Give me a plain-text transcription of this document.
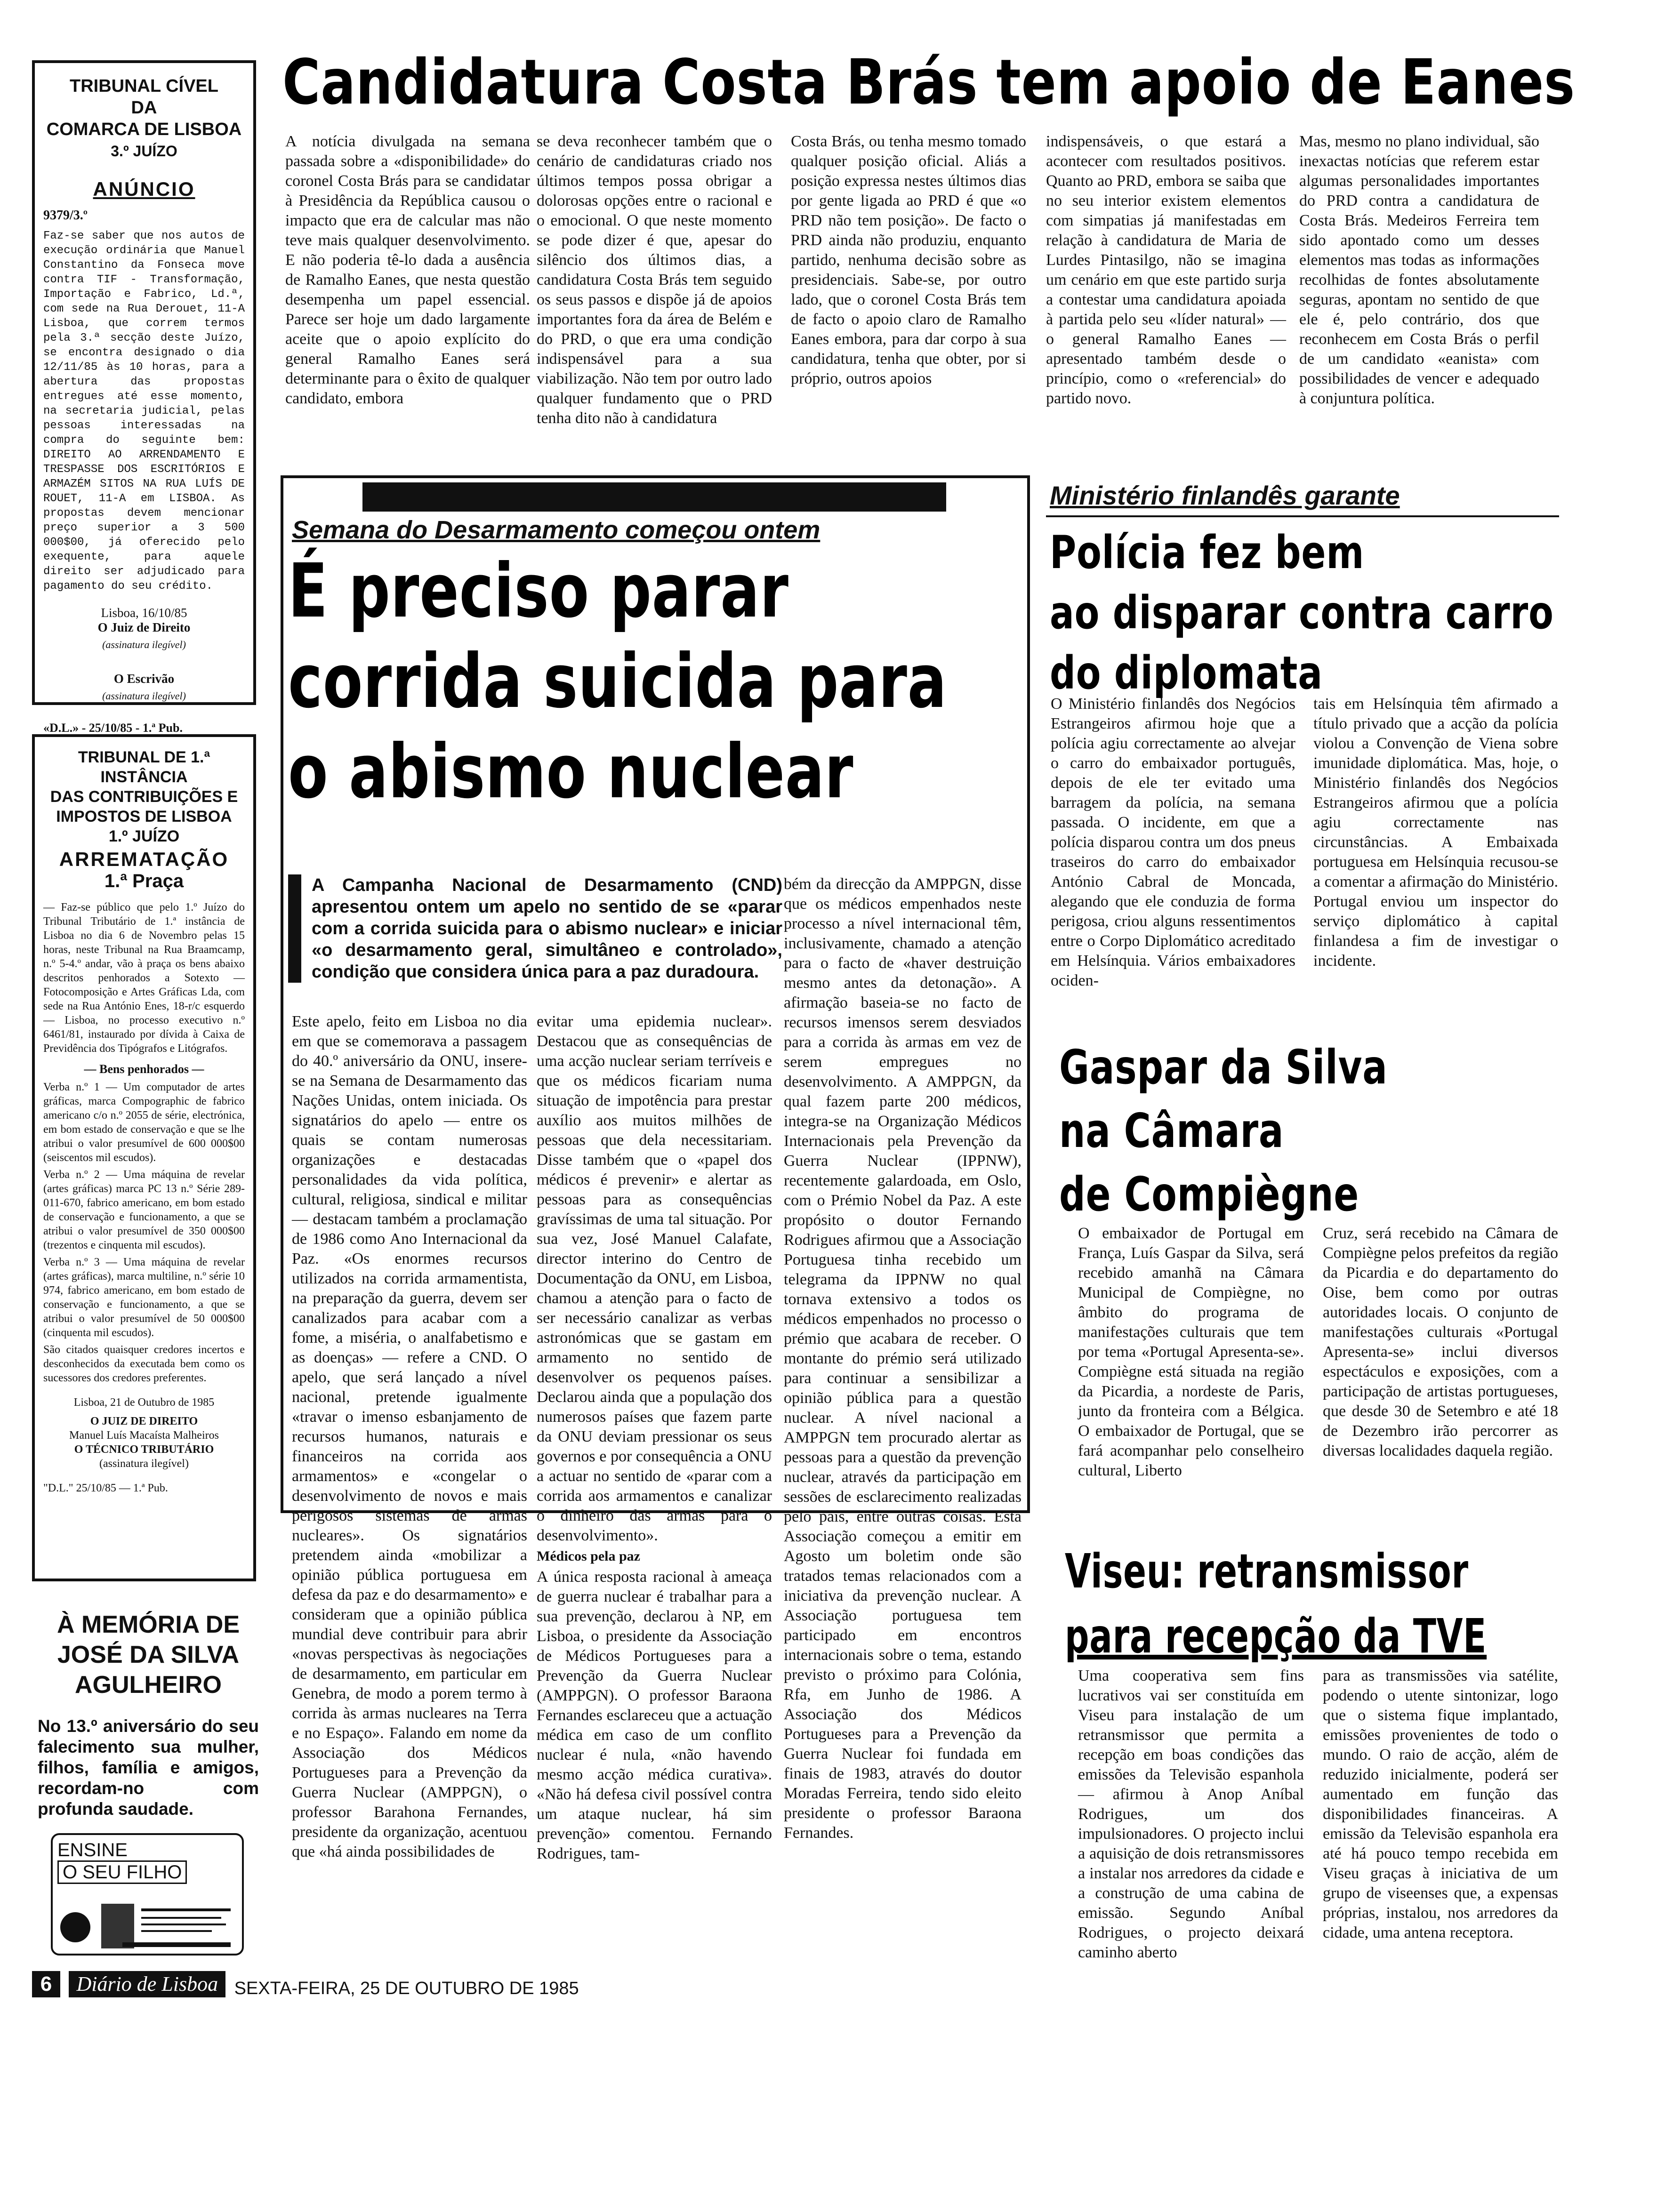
TRIBUNAL CÍVEL
DA
COMARCA DE LISBOA
3.º JUÍZO
ANÚNCIO
9379/3.º
Faz-se saber que nos autos de execução ordinária que Manuel Constantino da Fonseca move contra TIF - Transformação, Importação e Fabrico, Ld.ª, com sede na Rua Derouet, 11-A Lisboa, que correm termos pela 3.ª secção deste Juízo, se encontra designado o dia 12/11/85 às 10 horas, para a abertura das propostas entregues até esse momento, na secretaria judicial, pelas pessoas interessadas na compra do seguinte bem: DIREITO AO ARRENDAMENTO E TRESPASSE DOS ESCRITÓRIOS E ARMAZÉM SITOS NA RUA LUÍS DE ROUET, 11-A em LISBOA. As propostas devem mencionar preço superior a 3 500 000$00, já oferecido pelo exequente, para aquele direito ser adjudicado para pagamento do seu crédito.
Lisboa, 16/10/85
O Juiz de Direito
(assinatura ilegível)
O Escrivão
(assinatura ilegível)
«D.L.» - 25/10/85 - 1.ª Pub.
TRIBUNAL DE 1.ª INSTÂNCIA
DAS CONTRIBUIÇÕES E
IMPOSTOS DE LISBOA
1.º JUÍZO
ARREMATAÇÃO
1.ª Praça
— Faz-se público que pelo 1.º Juízo do Tribunal Tributário de 1.ª instância de Lisboa no dia 6 de Novembro pelas 15 horas, neste Tribunal na Rua Braamcamp, n.º 5-4.º andar, vão à praça os bens abaixo descritos penhorados a Sotexto — Fotocomposição e Artes Gráficas Lda, com sede na Rua António Enes, 18-r/c esquerdo — Lisboa, no processo executivo n.º 6461/81, instaurado por dívida à Caixa de Previdência dos Tipógrafos e Litógrafos.
— Bens penhorados —
Verba n.º 1 — Um computador de artes gráficas, marca Compographic de fabrico americano c/o n.º 2055 de série, electrónica, em bom estado de conservação e que se lhe atribui o valor presumível de 600 000$00 (seiscentos mil escudos).
Verba n.º 2 — Uma máquina de revelar (artes gráficas) marca PC 13 n.º Série 289-011-670, fabrico americano, em bom estado de conservação e funcionamento, a que se atribui o valor presumível de 350 000$00 (trezentos e cinquenta mil escudos).
Verba n.º 3 — Uma máquina de revelar (artes gráficas), marca multiline, n.º série 10 974, fabrico americano, em bom estado de conservação e funcionamento, a que se atribui o valor presumível de 50 000$00 (cinquenta mil escudos).
São citados quaisquer credores incertos e desconhecidos da executada bem como os sucessores dos credores preferentes.
Lisboa, 21 de Outubro de 1985
O JUIZ DE DIREITO
Manuel Luís Macaísta Malheiros
O TÉCNICO TRIBUTÁRIO
(assinatura ilegível)
"D.L." 25/10/85 — 1.ª Pub.
À MEMÓRIA DE
JOSÉ DA SILVA
AGULHEIRO
No 13.º aniversário do seu falecimento sua mulher, filhos, família e amigos, recordam-no com profunda saudade.
ENSINE
O SEU FILHO
Candidatura Costa Brás tem apoio de Eanes
A notícia divulgada na semana passada sobre a «disponibilidade» do coronel Costa Brás para se candidatar à Presidência da República causou o impacto que era de calcular mas não teve mais qualquer desenvolvimento. E não poderia tê-lo dada a ausência de Ramalho Eanes, que nesta questão desempenha um papel essencial. Parece ser hoje um dado largamente aceite que o apoio explícito do general Ramalho Eanes será determinante para o êxito de qualquer candidato, embora
se deva reconhecer também que o cenário de candidaturas criado nos últimos tempos possa obrigar a dolorosas opções entre o racional e o emocional. O que neste momento se pode dizer é que, apesar do silêncio dos últimos dias, a candidatura Costa Brás tem seguido os seus passos e dispõe já de apoios importantes fora da área de Belém e do PRD, o que era uma condição indispensável para a sua viabilização. Não tem por outro lado qualquer fundamento que o PRD tenha dito não à candidatura
Costa Brás, ou tenha mesmo tomado qualquer posição oficial. Aliás a posição expressa nestes últimos dias por gente ligada ao PRD é que «o PRD não tem posição». De facto o PRD ainda não produziu, enquanto partido, nenhuma decisão sobre as presidenciais. Sabe-se, por outro lado, que o coronel Costa Brás tem de facto o apoio claro de Ramalho Eanes embora, para dar corpo à sua candidatura, tenha que obter, por si próprio, outros apoios
indispensáveis, o que estará a acontecer com resultados positivos. Quanto ao PRD, embora se saiba que no seu interior existem elementos com simpatias já manifestadas em relação à candidatura de Maria de Lurdes Pintasilgo, não se imagina um cenário em que este partido surja a contestar uma candidatura apoiada à partida pelo seu «líder natural» — o general Ramalho Eanes — apresentado também desde o princípio, como o «referencial» do partido novo.
Mas, mesmo no plano individual, são inexactas notícias que referem estar algumas personalidades importantes do PRD contra a candidatura de Costa Brás. Medeiros Ferreira tem sido apontado como um desses elementos mas todas as informações recolhidas de fontes absolutamente seguras, apontam no sentido de que ele é, pelo contrário, dos que reconhecem em Costa Brás o perfil de um candidato «eanista» com possibilidades de vencer e adequado à conjuntura política.
Semana do Desarmamento começou ontem
É preciso parar
corrida suicida para
o abismo nuclear
A Campanha Nacional de Desarmamento (CND) apresentou ontem um apelo no sentido de se «parar com a corrida suicida para o abismo nuclear» e iniciar «o desarmamento geral, simultâneo e controlado», condição que considera única para a paz duradoura.
Este apelo, feito em Lisboa no dia em que se comemorava a passagem do 40.º aniversário da ONU, insere-se na Semana de Desarmamento das Nações Unidas, ontem iniciada. Os signatários do apelo — entre os quais se contam numerosas organizações e destacadas personalidades da vida política, cultural, religiosa, sindical e militar — destacam também a proclamação de 1986 como Ano Internacional da Paz. «Os enormes recursos utilizados na corrida armamentista, na preparação da guerra, devem ser canalizados para acabar com a fome, a miséria, o analfabetismo e as doenças» — refere a CND. O apelo, que será lançado a nível nacional, pretende igualmente «travar o imenso esbanjamento de recursos humanos, naturais e financeiros na corrida aos armamentos» e «congelar o desenvolvimento de novos e mais perigosos sistemas de armas nucleares». Os signatários pretendem ainda «mobilizar a opinião pública portuguesa em defesa da paz e do desarmamento» e consideram que a opinião pública mundial deve contribuir para abrir «novas perspectivas às negociações de desarmamento, em particular em Genebra, de modo a porem termo à corrida às armas nucleares na Terra e no Espaço». Falando em nome da Associação dos Médicos Portugueses para a Prevenção da Guerra Nuclear (AMPPGN), o professor Barahona Fernandes, presidente da organização, acentuou que «há ainda possibilidades de
evitar uma epidemia nuclear». Destacou que as consequências de uma acção nuclear seriam terríveis e que os médicos ficariam numa situação de impotência para prestar auxílio aos muitos milhões de pessoas que dela necessitariam. Disse também que o «papel dos médicos é prevenir» e alertar as pessoas para as consequências gravíssimas de uma tal situação. Por sua vez, José Manuel Calafate, director interino do Centro de Documentação da ONU, em Lisboa, chamou a atenção para o facto de ser necessário canalizar as verbas astronómicas que se gastam em armamento no sentido de desenvolver os pequenos países. Declarou ainda que a população dos numerosos países que fazem parte da ONU deviam pressionar os seus governos e por consequência a ONU a actuar no sentido de «parar com a corrida aos armamentos e canalizar o dinheiro das armas para o desenvolvimento».
Médicos pela paz
A única resposta racional à ameaça de guerra nuclear é trabalhar para a sua prevenção, declarou à NP, em Lisboa, o presidente da Associação de Médicos Portugueses para a Prevenção da Guerra Nuclear (AMPPGN). O professor Baraona Fernandes esclareceu que a actuação médica em caso de um conflito nuclear é nula, «não havendo mesmo acção médica curativa». «Não há defesa civil possível contra um ataque nuclear, há sim prevenção» comentou. Fernando Rodrigues, tam-
bém da direcção da AMPPGN, disse que os médicos empenhados neste processo a nível internacional têm, inclusivamente, chamado a atenção para o facto de «haver destruição mesmo antes da detonação». A afirmação baseia-se no facto de recursos imensos serem desviados para a corrida às armas em vez de serem empregues no desenvolvimento. A AMPPGN, da qual fazem parte 200 médicos, integra-se na Organização Médicos Internacionais pela Prevenção da Guerra Nuclear (IPPNW), recentemente galardoada, em Oslo, com o Prémio Nobel da Paz. A este propósito o doutor Fernando Rodrigues afirmou que a Associação Portuguesa tinha recebido um telegrama da IPPNW no qual tornava extensivo a todos os médicos empenhados no processo o prémio que acabara de receber. O montante do prémio será utilizado para continuar a sensibilizar a opinião pública para a questão nuclear. A nível nacional a AMPPGN tem procurado alertar as pessoas para a questão da prevenção nuclear, através da participação em sessões de esclarecimento realizadas pelo país, entre outras coisas. Esta Associação começou a emitir em Agosto um boletim onde são tratados temas relacionados com a iniciativa da prevenção nuclear. A Associação portuguesa tem participado em encontros internacionais sobre o tema, estando previsto o próximo para Colónia, Rfa, em Junho de 1986. A Associação dos Médicos Portugueses para a Prevenção da Guerra Nuclear foi fundada em finais de 1983, através do doutor Moradas Ferreira, tendo sido eleito presidente o professor Baraona Fernandes.
Ministério finlandês garante
Polícia fez bem
ao disparar contra carro
do diplomata
O Ministério finlandês dos Negócios Estrangeiros afirmou hoje que a polícia agiu correctamente ao alvejar o carro do embaixador português, depois de ele ter evitado uma barragem da polícia, na semana passada. O incidente, em que a polícia disparou contra um dos pneus traseiros do carro do embaixador António Cabral de Moncada, alegando que ele conduzia de forma perigosa, criou alguns ressentimentos entre o Corpo Diplomático acreditado em Helsínquia. Vários embaixadores ociden-
tais em Helsínquia têm afirmado a título privado que a acção da polícia violou a Convenção de Viena sobre imunidade diplomática. Mas, hoje, o Ministério finlandês dos Negócios Estrangeiros afirmou que a polícia agiu correctamente nas circunstâncias. A Embaixada portuguesa em Helsínquia recusou-se a comentar a afirmação do Ministério. Portugal enviou um inspector do serviço diplomático à capital finlandesa a fim de investigar o incidente.
Gaspar da Silva
na Câmara
de Compiègne
O embaixador de Portugal em França, Luís Gaspar da Silva, será recebido amanhã na Câmara Municipal de Compiègne, no âmbito do programa de manifestações culturais que tem por tema «Portugal Apresenta-se». Compiègne está situada na região da Picardia, a nordeste de Paris, junto da fronteira com a Bélgica. O embaixador de Portugal, que se fará acompanhar pelo conselheiro cultural, Liberto
Cruz, será recebido na Câmara de Compiègne pelos prefeitos da região da Picardia e do departamento do Oise, bem como por outras autoridades locais. O conjunto de manifestações culturais «Portugal Apresenta-se» inclui diversos espectáculos e exposições, com a participação de artistas portugueses, que desde 30 de Setembro e até 18 de Dezembro irão percorrer as diversas localidades daquela região.
Viseu: retransmissor
para recepção da TVE
Uma cooperativa sem fins lucrativos vai ser constituída em Viseu para instalação de um retransmissor que permita a recepção em boas condições das emissões da Televisão espanhola — afirmou à Anop Aníbal Rodrigues, um dos impulsionadores. O projecto inclui a aquisição de dois retransmissores a instalar nos arredores da cidade e a construção de uma cabina de emissão. Segundo Aníbal Rodrigues, o projecto deixará caminho aberto
para as transmissões via satélite, podendo o utente sintonizar, logo que o sistema fique implantado, emissões provenientes de todo o mundo. O raio de acção, além de reduzido inicialmente, poderá ser aumentado em função das disponibilidades financeiras. A emissão da Televisão espanhola era até há pouco tempo recebida em Viseu graças à iniciativa de um grupo de viseenses que, a expensas próprias, instalou, nos arredores da cidade, uma antena receptora.
6 Diário de Lisboa SEXTA-FEIRA, 25 DE OUTUBRO DE 1985
